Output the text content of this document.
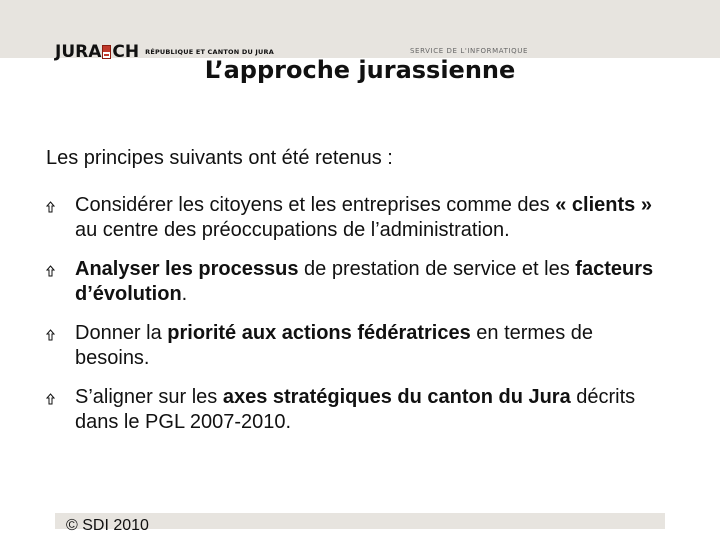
JURA CH RÉPUBLIQUE ET CANTON DU JURA	SERVICE DE L'INFORMATIQUE
L’approche jurassienne

Les principes suivants ont été retenus :

Considérer les citoyens et les entreprises comme des « clients » au centre des préoccupations de l’administration.
Analyser les processus de prestation de service et les facteurs d’évolution.
Donner la priorité aux actions fédératrices en termes de besoins.
S’aligner sur les axes stratégiques du canton du Jura décrits dans le PGL 2007-2010.
© SDI 2010
